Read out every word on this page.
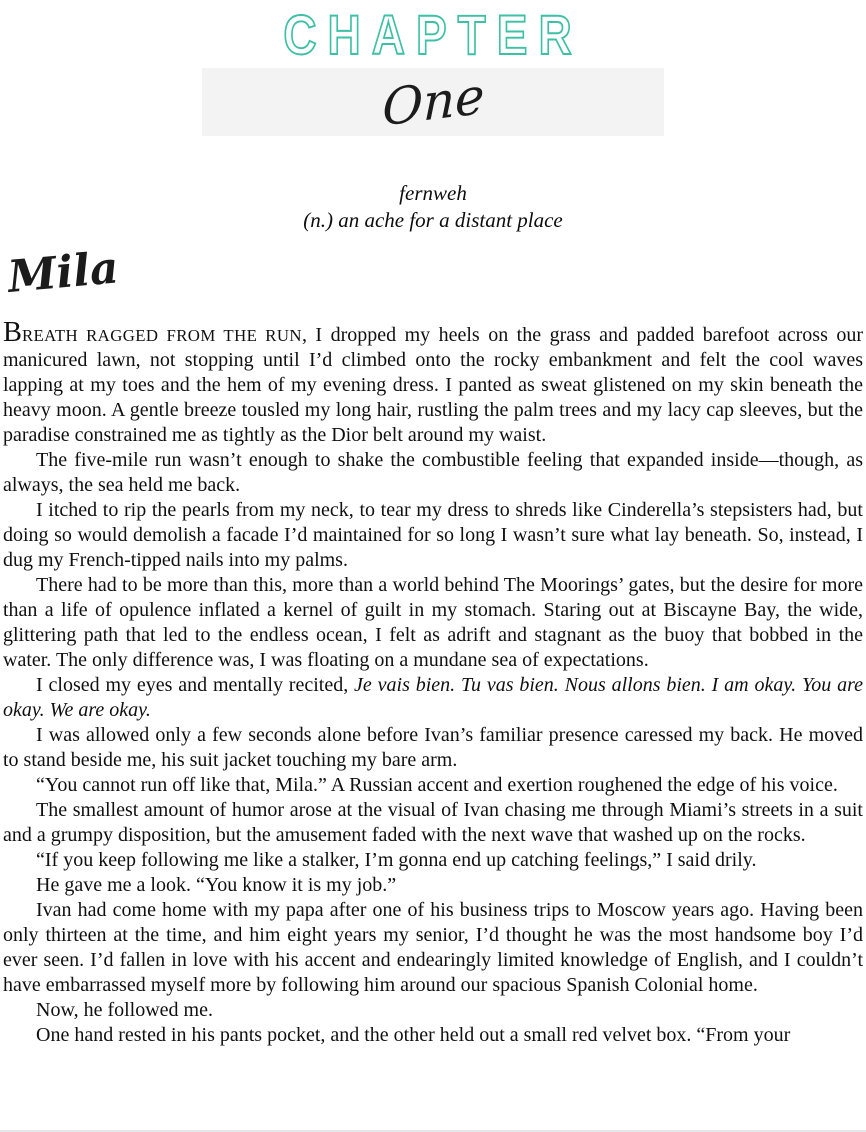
CHAPTER
One
fernweh
(n.) an ache for a distant place
Mila

BREATH RAGGED FROM THE RUN, I dropped my heels on the grass and padded barefoot across our manicured lawn, not stopping until I’d climbed onto the rocky embankment and felt the cool waves lapping at my toes and the hem of my evening dress. I panted as sweat glistened on my skin beneath the heavy moon. A gentle breeze tousled my long hair, rustling the palm trees and my lacy cap sleeves, but the paradise constrained me as tightly as the Dior belt around my waist.

The five-mile run wasn’t enough to shake the combustible feeling that expanded inside—though, as always, the sea held me back.

I itched to rip the pearls from my neck, to tear my dress to shreds like Cinderella’s stepsisters had, but doing so would demolish a facade I’d maintained for so long I wasn’t sure what lay beneath. So, instead, I dug my French-tipped nails into my palms.

There had to be more than this, more than a world behind The Moorings’ gates, but the desire for more than a life of opulence inflated a kernel of guilt in my stomach. Staring out at Biscayne Bay, the wide, glittering path that led to the endless ocean, I felt as adrift and stagnant as the buoy that bobbed in the water. The only difference was, I was floating on a mundane sea of expectations.

I closed my eyes and mentally recited, Je vais bien. Tu vas bien. Nous allons bien. I am okay. You are okay. We are okay.

I was allowed only a few seconds alone before Ivan’s familiar presence caressed my back. He moved to stand beside me, his suit jacket touching my bare arm.

“You cannot run off like that, Mila.” A Russian accent and exertion roughened the edge of his voice.

The smallest amount of humor arose at the visual of Ivan chasing me through Miami’s streets in a suit and a grumpy disposition, but the amusement faded with the next wave that washed up on the rocks.

“If you keep following me like a stalker, I’m gonna end up catching feelings,” I said drily.

He gave me a look. “You know it is my job.”

Ivan had come home with my papa after one of his business trips to Moscow years ago. Having been only thirteen at the time, and him eight years my senior, I’d thought he was the most handsome boy I’d ever seen. I’d fallen in love with his accent and endearingly limited knowledge of English, and I couldn’t have embarrassed myself more by following him around our spacious Spanish Colonial home.

Now, he followed me.

One hand rested in his pants pocket, and the other held out a small red velvet box. “From your
